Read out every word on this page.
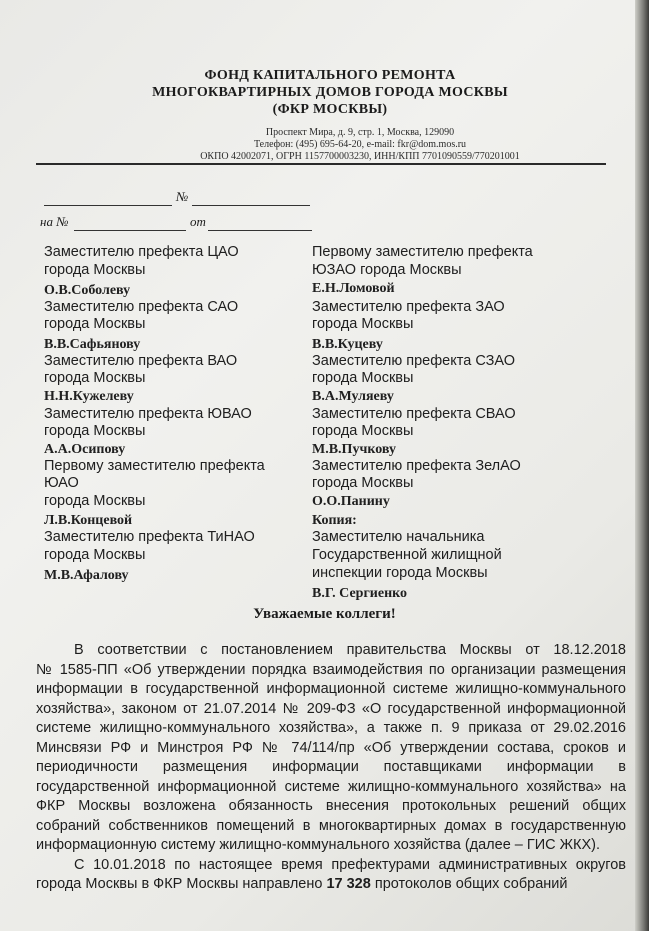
ФОНД КАПИТАЛЬНОГО РЕМОНТА
МНОГОКВАРТИРНЫХ ДОМОВ ГОРОДА МОСКВЫ
(ФКР МОСКВЫ)
Проспект Мира, д. 9, стр. 1, Москва, 129090
Телефон: (495) 695-64-20, e-mail: fkr@dom.mos.ru
ОКПО 42002071, ОГРН 1157700003230, ИНН/КПП 7701090559/770201001
№
на №	от
Заместителю префекта ЦАО
города Москвы
О.В.Соболеву
Заместителю префекта САО
города Москвы
В.В.Сафьянову
Заместителю префекта ВАО
города Москвы
Н.Н.Кужелеву
Заместителю префекта ЮВАО
города Москвы
А.А.Осипову
Первому заместителю префекта
ЮАО
города Москвы
Л.В.Концевой
Заместителю префекта ТиНАО
города Москвы
М.В.Афалову
Первому заместителю префекта
ЮЗАО города Москвы
Е.Н.Ломовой
Заместителю префекта ЗАО
города Москвы
В.В.Куцеву
Заместителю префекта СЗАО
города Москвы
В.А.Муляеву
Заместителю префекта СВАО
города Москвы
М.В.Пучкову
Заместителю префекта ЗелАО
города Москвы
О.О.Панину
Копия:
Заместителю начальника
Государственной жилищной
инспекции города Москвы
В.Г. Сергиенко
Уважаемые коллеги!
В соответствии с постановлением правительства Москвы от 18.12.2018
№ 1585-ПП «Об утверждении порядка взаимодействия по организации размещения
информации в государственной информационной системе жилищно-коммунального
хозяйства», законом от 21.07.2014 № 209-ФЗ «О государственной информационной
системе жилищно-коммунального хозяйства», а также п. 9 приказа от 29.02.2016
Минсвязи РФ и Минстроя РФ № 74/114/пр «Об утверждении состава, сроков и
периодичности размещения информации поставщиками информации в
государственной информационной системе жилищно-коммунального хозяйства» на
ФКР Москвы возложена обязанность внесения протокольных решений общих
собраний собственников помещений в многоквартирных домах в государственную
информационную систему жилищно-коммунального хозяйства (далее – ГИС ЖКХ).
С 10.01.2018 по настоящее время префектурами административных округов
города Москвы в ФКР Москвы направлено 17 328 протоколов общих собраний
